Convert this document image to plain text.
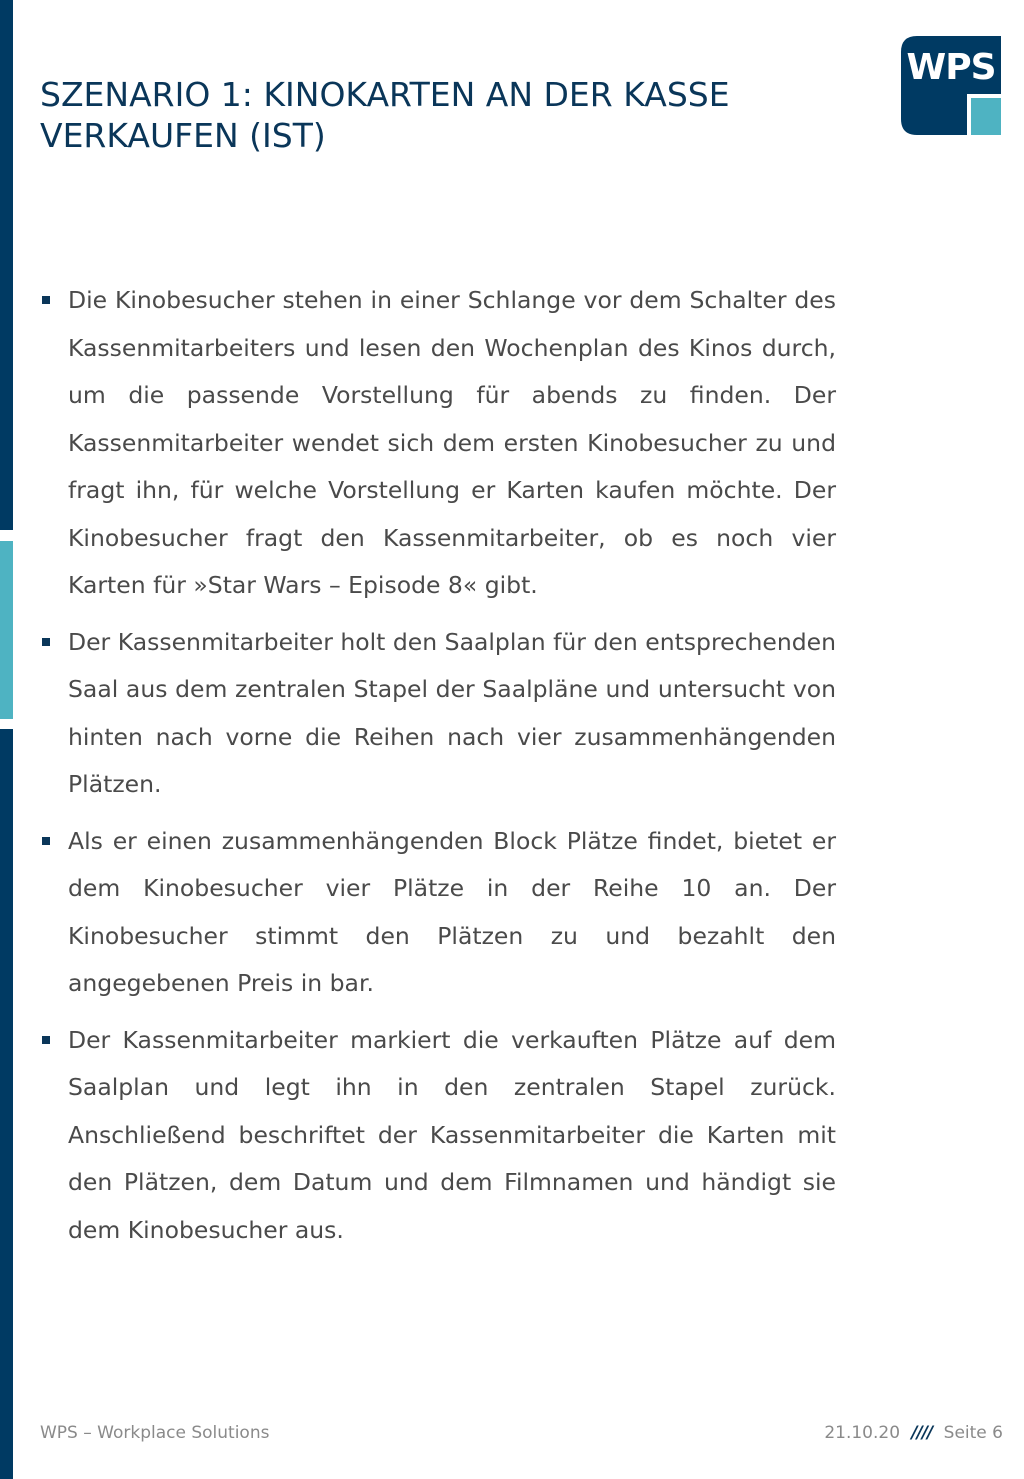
SZENARIO 1: KINOKARTEN AN DER KASSE VERKAUFEN (IST)
WPS

Die Kinobesucher stehen in einer Schlange vor dem Schalter des Kassenmitarbeiters und lesen den Wochenplan des Kinos durch, um die passende Vorstellung für abends zu finden. Der Kassenmitarbeiter wendet sich dem ersten Kinobesucher zu und fragt ihn, für welche Vorstellung er Karten kaufen möchte. Der Kinobesucher fragt den Kassenmitarbeiter, ob es noch vier Karten für »Star Wars – Episode 8« gibt.

Der Kassenmitarbeiter holt den Saalplan für den entsprechenden Saal aus dem zentralen Stapel der Saalpläne und untersucht von hinten nach vorne die Reihen nach vier zusammenhängenden Plätzen.

Als er einen zusammenhängenden Block Plätze findet, bietet er dem Kinobesucher vier Plätze in der Reihe 10 an. Der Kinobesucher stimmt den Plätzen zu und bezahlt den angegebenen Preis in bar.

Der Kassenmitarbeiter markiert die verkauften Plätze auf dem Saalplan und legt ihn in den zentralen Stapel zurück. Anschließend beschriftet der Kassenmitarbeiter die Karten mit den Plätzen, dem Datum und dem Filmnamen und händigt sie dem Kinobesucher aus.

WPS – Workplace Solutions	21.10.20 //// Seite 6
